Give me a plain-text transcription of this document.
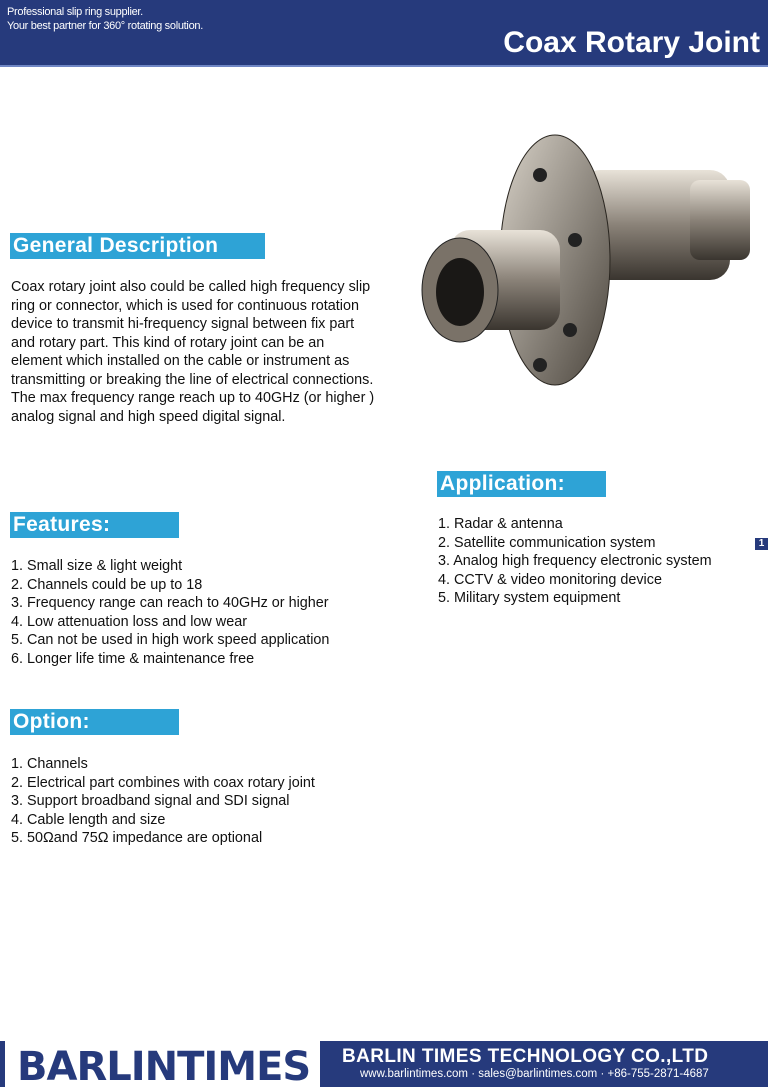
Professional slip ring supplier.
Your best partner for 360° rotating solution.	Coax Rotary Joint
General Description
Coax rotary joint also could be called high frequency slip ring or connector, which is used for continuous rotation device to transmit hi-frequency signal between fix part and rotary part. This kind of rotary joint can be an element which installed on the cable or instrument as transmitting or breaking the line of electrical connections. The max frequency range reach up to 40GHz (or higher ) analog signal and high speed digital signal.
Features:
1. Small size & light weight
2. Channels could be up to 18
3. Frequency range can reach to 40GHz or higher
4. Low attenuation loss and low wear
5. Can not be used in high work speed application
6. Longer life time & maintenance free
Option:
1. Channels
2. Electrical part combines with coax rotary joint
3. Support broadband signal and SDI signal
4. Cable length and size
5. 50Ωand 75Ω impedance are optional
Application:
1. Radar & antenna
2. Satellite communication system
3. Analog high frequency electronic system
4. CCTV & video monitoring device
5. Military system equipment
1
BARLINTIMES BARLIN TIMES TECHNOLOGY CO.,LTD
www.barlintimes.com · sales@barlintimes.com · +86-755-2871-4687
